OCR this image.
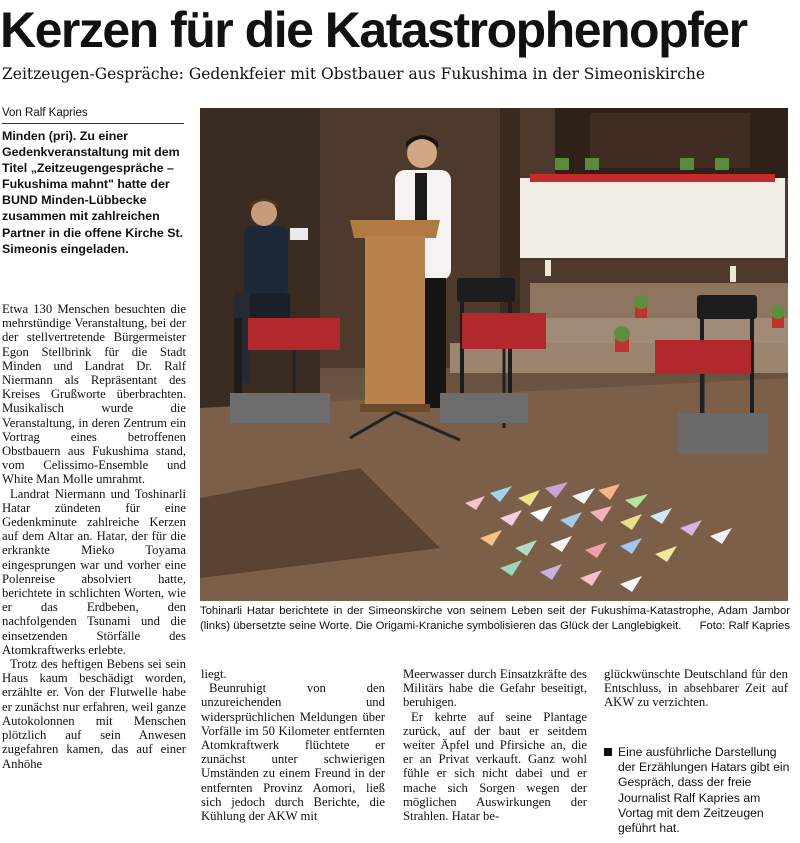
Kerzen für die Katastrophenopfer
Zeitzeugen-Gespräche: Gedenkfeier mit Obstbauer aus Fukushima in der Simeoniskirche
Von Ralf Kapries
Minden (pri). Zu einer Gedenkveranstaltung mit dem Titel „Zeitzeugengespräche – Fukushima mahnt" hatte der BUND Minden-Lübbecke zusammen mit zahlreichen Partner in die offene Kirche St. Simeonis eingeladen.

Etwa 130 Menschen besuchten die mehrstündige Veranstaltung, bei der der stellvertretende Bürgermeister Egon Stellbrink für die Stadt Minden und Landrat Dr. Ralf Niermann als Repräsentant des Kreises Grußworte überbrachten. Musikalisch wurde die Veranstaltung, in deren Zentrum ein Vortrag eines betroffenen Obstbauern aus Fukushima stand, vom Celissimo-Ensemble und White Man Molle umrahmt.

Landrat Niermann und Toshinarli Hatar zündeten für eine Gedenkminute zahlreiche Kerzen auf dem Altar an. Hatar, der für die erkrankte Mieko Toyama eingesprungen war und vorher eine Polenreise absolviert hatte, berichtete in schlichten Worten, wie er das Erdbeben, den nachfolgenden Tsunami und die einsetzenden Störfälle des Atomkraftwerks erlebte.

Trotz des heftigen Bebens sei sein Haus kaum beschädigt worden, erzählte er. Von der Flutwelle habe er zunächst nur erfahren, weil ganze Autokolonnen mit Menschen plötzlich auf sein Anwesen zugefahren kamen, das auf einer Anhöhe

Tohinarli Hatar berichtete in der Simeonskirche von seinem Leben seit der Fukushima-Katastrophe, Adam Jambor (links) übersetzte seine Worte. Die Origami-Kraniche symbolisieren das Glück der Langlebigkeit.	Foto: Ralf Kapries

liegt.

Beunruhigt von den unzureichenden und widersprüchlichen Meldungen über Vorfälle im 50 Kilometer entfernten Atomkraftwerk flüchtete er zunächst unter schwierigen Umständen zu einem Freund in der entfernten Provinz Aomori, ließ sich jedoch durch Berichte, die Kühlung der AKW mit

Meerwasser durch Einsatzkräfte des Militärs habe die Gefahr beseitigt, beruhigen.

Er kehrte auf seine Plantage zurück, auf der baut er seitdem weiter Äpfel und Pfirsiche an, die er an Privat verkauft. Ganz wohl fühle er sich nicht dabei und er mache sich Sorgen wegen der möglichen Auswirkungen der Strahlen. Hatar be-

glückwünschte Deutschland für den Entschluss, in absehbarer Zeit auf AKW zu verzichten.

Eine ausführliche Darstellung der Erzählungen Hatars gibt ein Gespräch, dass der freie Journalist Ralf Kapries am Vortag mit dem Zeitzeugen geführt hat.
